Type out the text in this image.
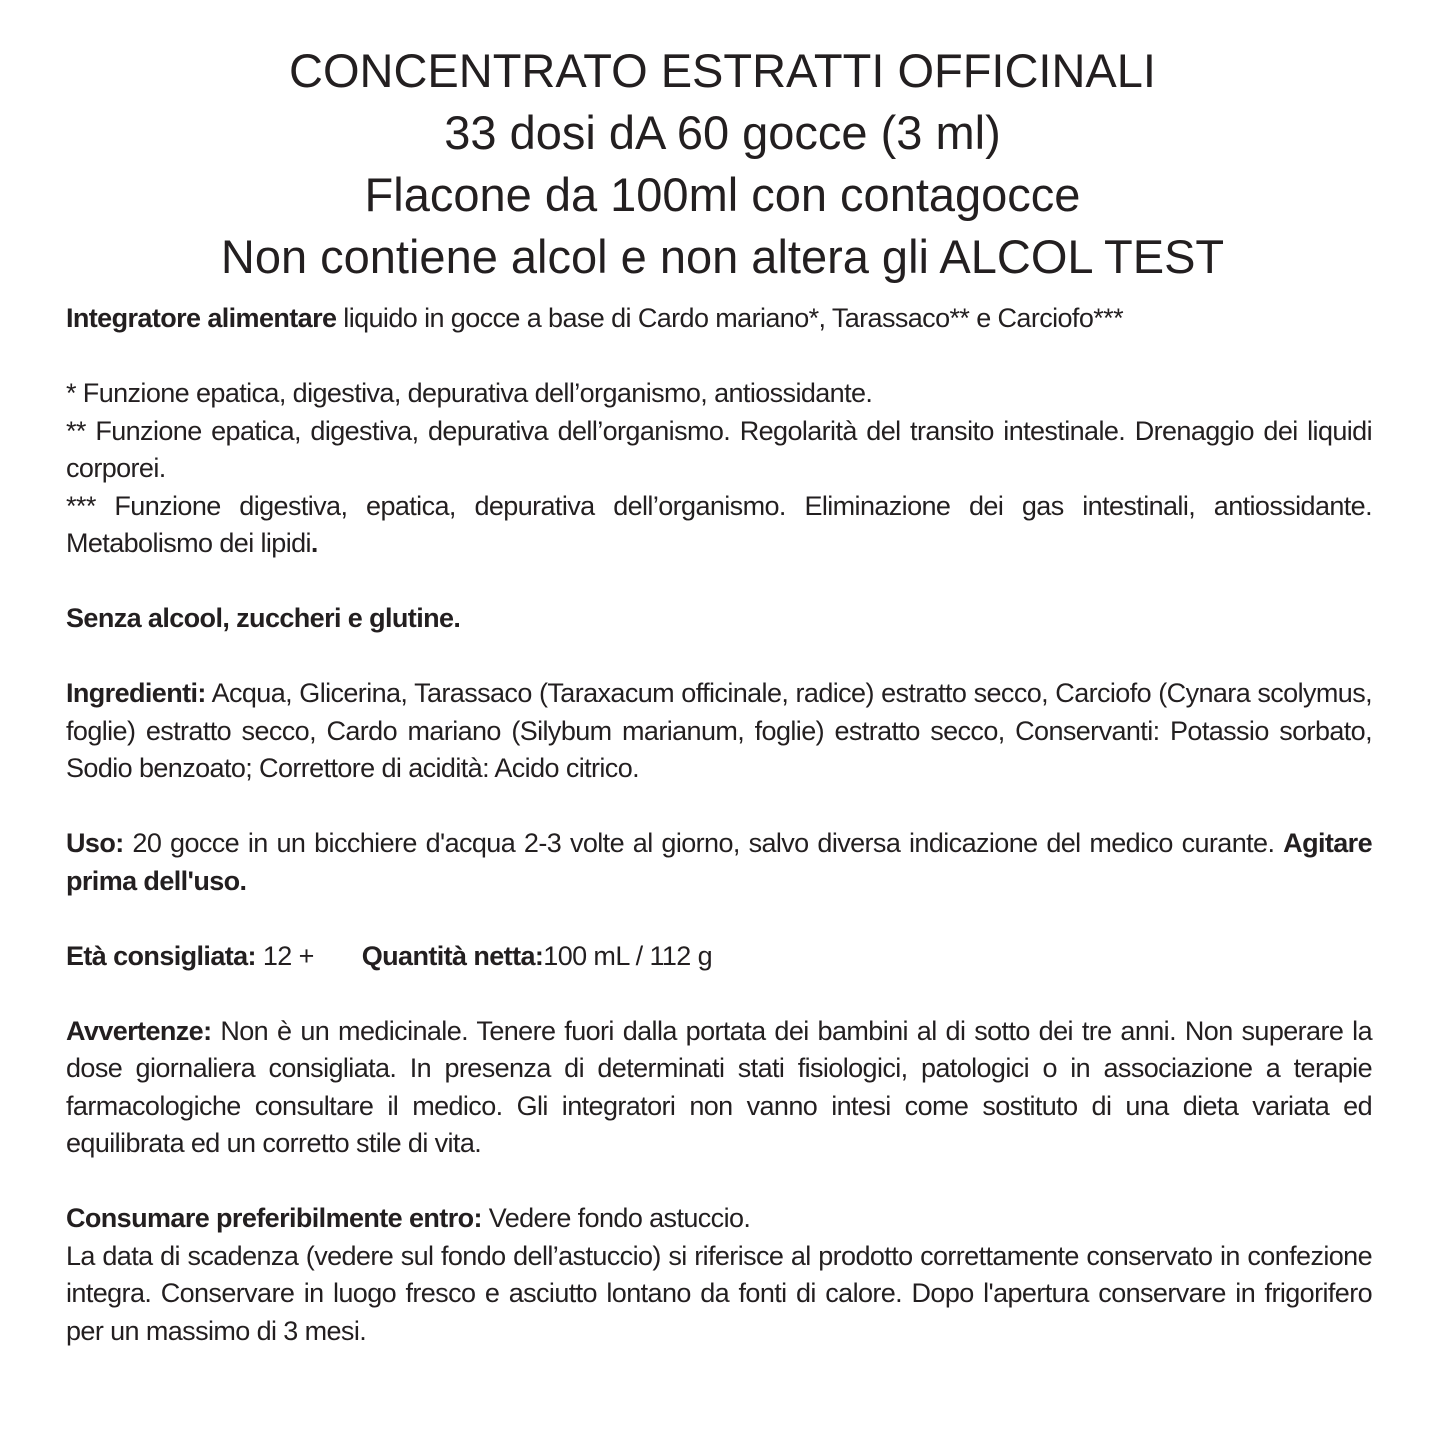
CONCENTRATO ESTRATTI OFFICINALI
33 dosi dA 60 gocce (3 ml)
Flacone da 100ml con contagocce
Non contiene alcol e non altera gli ALCOL TEST

Integratore alimentare liquido in gocce a base di Cardo mariano*, Tarassaco** e Carciofo***

* Funzione epatica, digestiva, depurativa dell’organismo, antiossidante.

** Funzione epatica, digestiva, depurativa dell’organismo. Regolarità del transito intestinale. Drenaggio dei liquidi corporei.

*** Funzione digestiva, epatica, depurativa dell’organismo. Eliminazione dei gas intestinali, antiossidante. Metabolismo dei lipidi.

Senza alcool, zuccheri e glutine.

Ingredienti: Acqua, Glicerina, Tarassaco (Taraxacum officinale, radice) estratto secco, Carciofo (Cynara scolymus, foglie) estratto secco, Cardo mariano (Silybum marianum, foglie) estratto secco, Conservanti: Potassio sorbato, Sodio benzoato; Correttore di acidità: Acido citrico.

Uso: 20 gocce in un bicchiere d'acqua 2-3 volte al giorno, salvo diversa indicazione del medico curante. Agitare prima dell'uso.

Età consigliata: 12 + Quantità netta:100 mL / 112 g

Avvertenze: Non è un medicinale. Tenere fuori dalla portata dei bambini al di sotto dei tre anni. Non superare la dose giornaliera consigliata. In presenza di determinati stati fisiologici, patologici o in associazione a terapie farmacologiche consultare il medico. Gli integratori non vanno intesi come sostituto di una dieta variata ed equilibrata ed un corretto stile di vita.

Consumare preferibilmente entro: Vedere fondo astuccio.

La data di scadenza (vedere sul fondo dell’astuccio) si riferisce al prodotto correttamente conservato in confezione integra. Conservare in luogo fresco e asciutto lontano da fonti di calore. Dopo l'apertura conservare in frigorifero per un massimo di 3 mesi.
